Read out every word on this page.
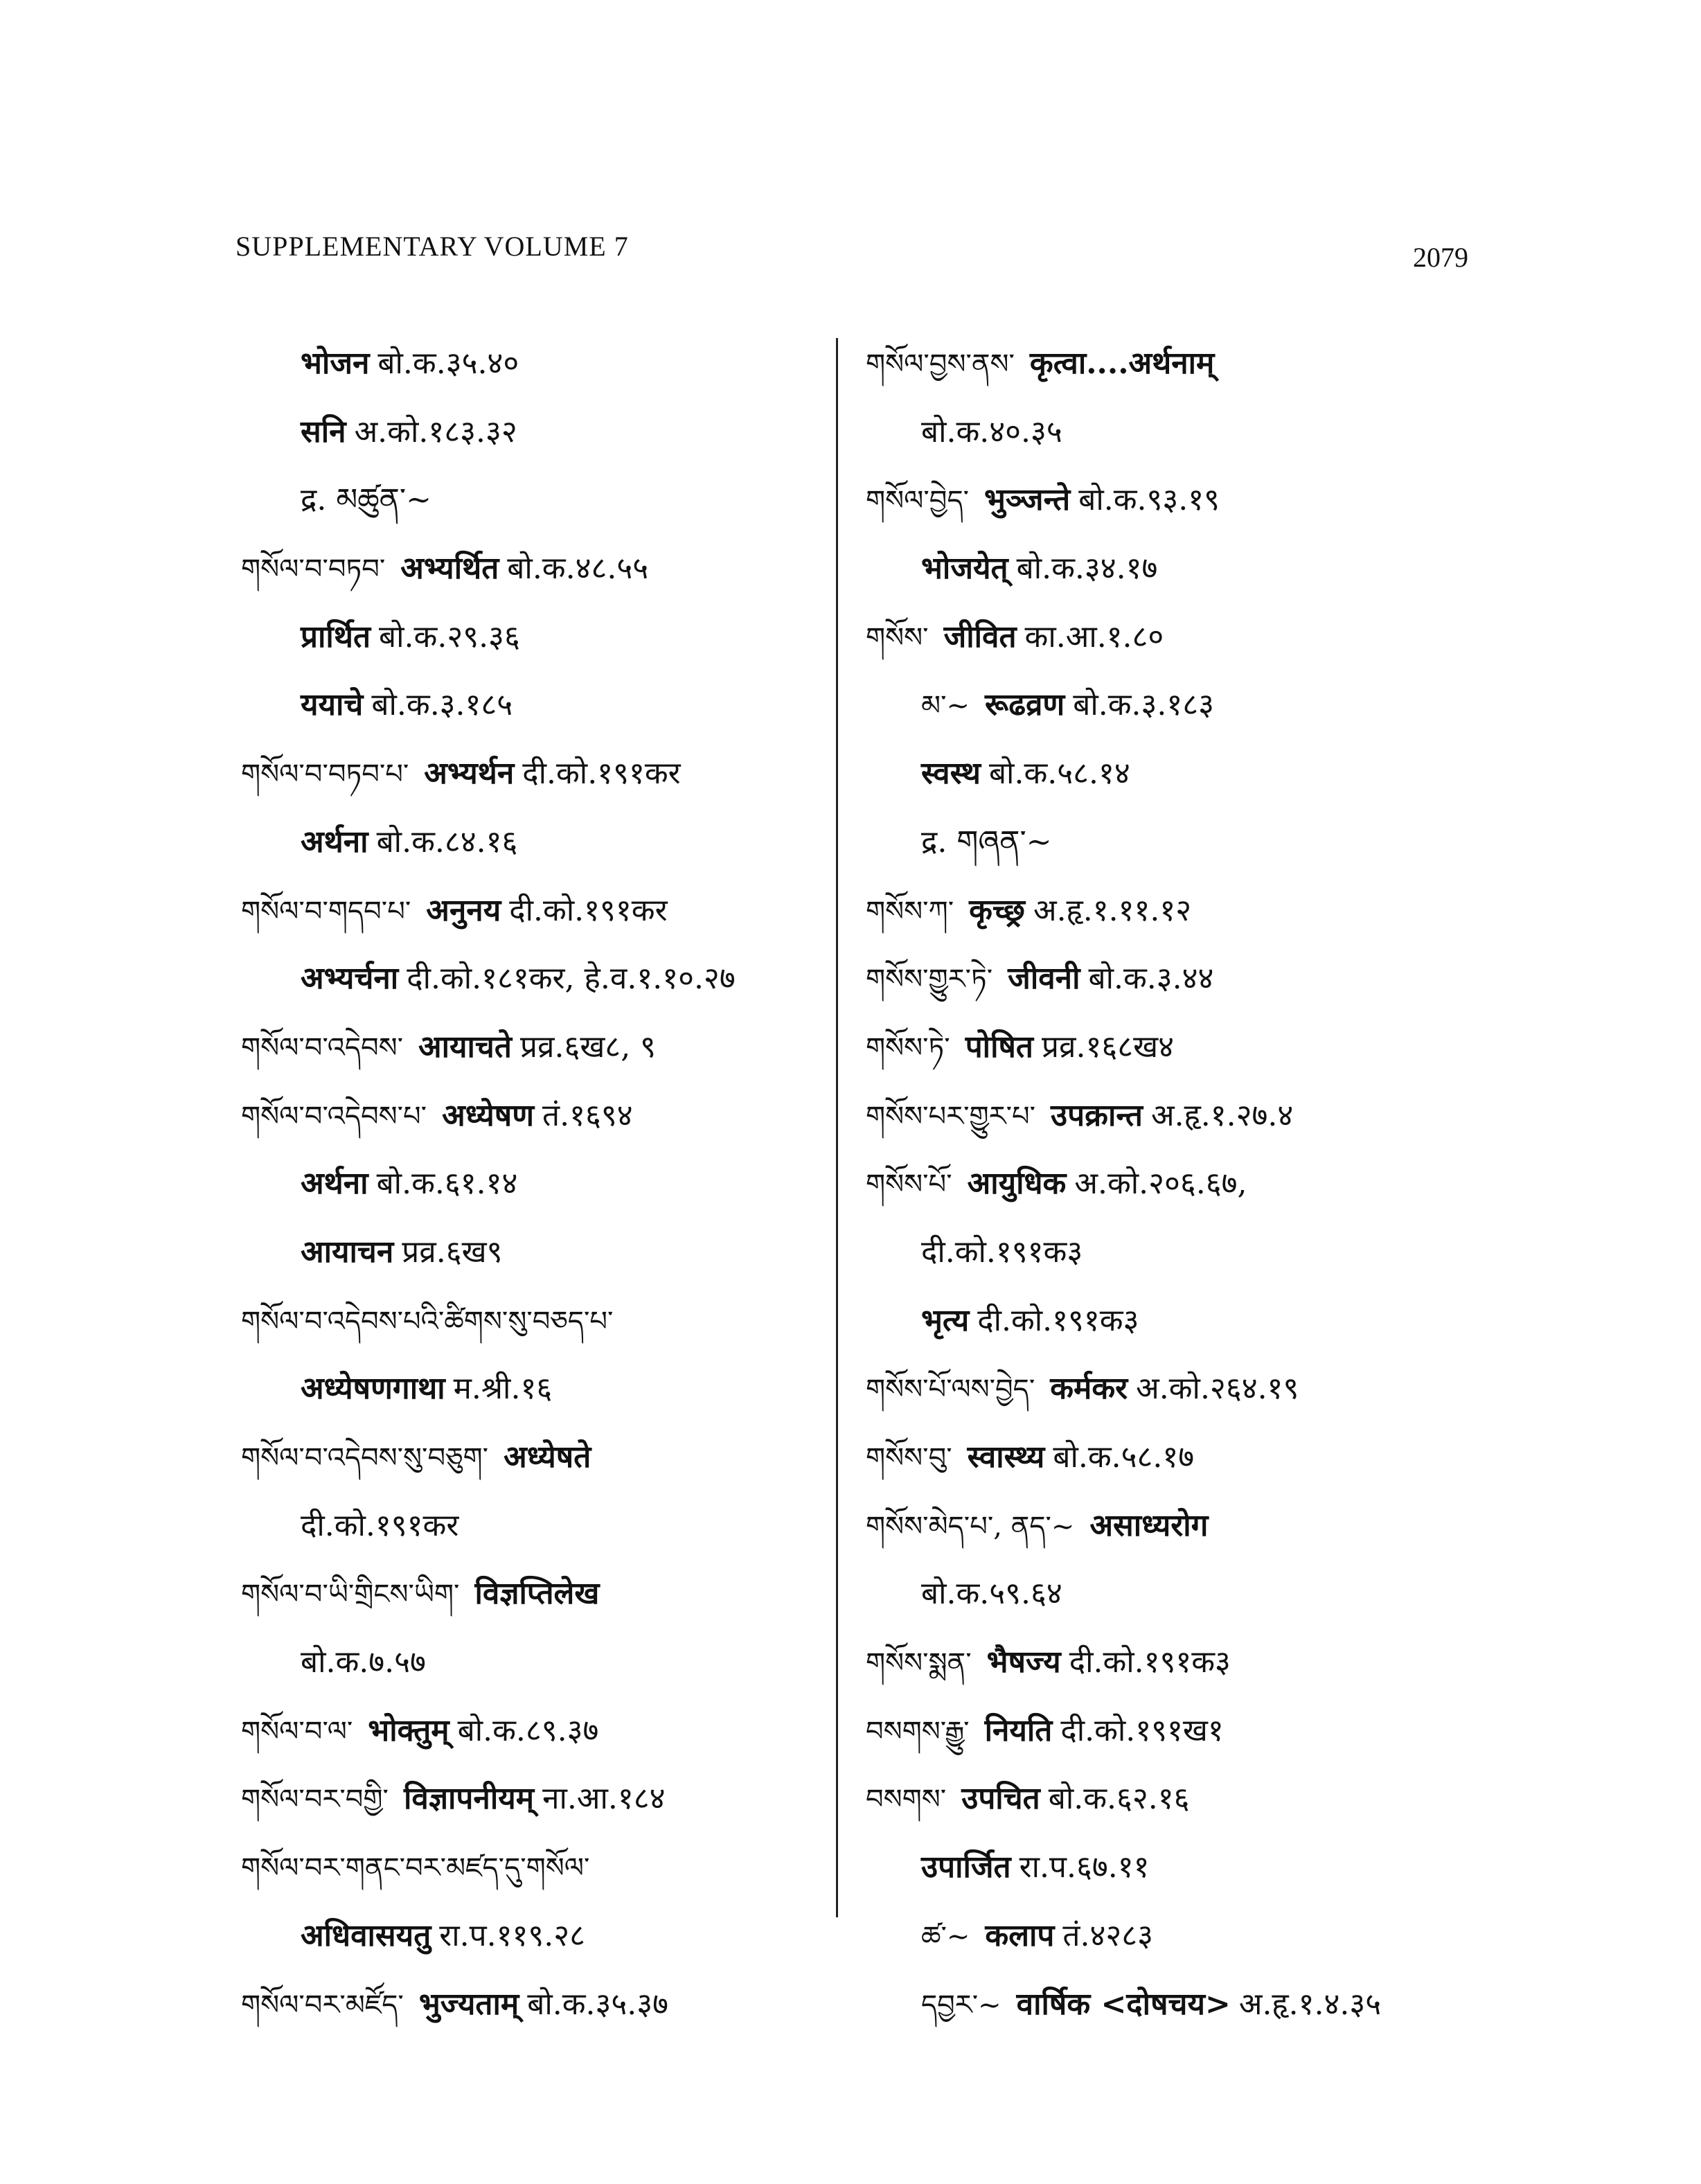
SUPPLEMENTARY VOLUME 7	2079
भोजन बो.क.३५.४०
सनि अ.को.१८३.३२
द्र. མཚུན་~
གསོལ་བ་བཏབ་ अभ्यर्थित बो.क.४८.५५
प्रार्थित बो.क.२९.३६
ययाचे बो.क.३.१८५
གསོལ་བ་བཏབ་པ་ अभ्यर्थन दी.को.१९१कर
अर्थना बो.क.८४.१६
གསོལ་བ་གདབ་པ་ अनुनय दी.को.१९१कर
अभ्यर्चना दी.को.१८१कर, हे.व.१.१०.२७
གསོལ་བ་འདེབས་ आयाचते प्रव्र.६ख८, ९
གསོལ་བ་འདེབས་པ་ अध्येषण तं.१६९४
अर्थना बो.क.६१.१४
आयाचन प्रव्र.६ख९
གསོལ་བ་འདེབས་པའི་ཚིགས་སུ་བཅད་པ་
अध्येषणगाथा म.श्री.१६
གསོལ་བ་འདེབས་སུ་བཅུག་ अध्येषते
दी.को.१९१कर
གསོལ་བ་ཡི་གྲིངས་ཡིག་ विज्ञप्तिलेख
बो.क.७.५७
གསོལ་བ་ལ་ भोक्तुम् बो.क.८९.३७
གསོལ་བར་བགྱི་ विज्ञापनीयम् ना.आ.१८४
གསོལ་བར་གནང་བར་མཛད་དུ་གསོལ་
अधिवासयतु रा.प.११९.२८
གསོལ་བར་མཛོད་ भुज्यताम् बो.क.३५.३७
གསོལ་བྱས་ནས་ कृत्वा....अर्थनाम्
बो.क.४०.३५
གསོལ་བྱེད་ भुञ्जन्ते बो.क.९३.१९
भोजयेत् बो.क.३४.१७
གསོས་ जीवित का.आ.१.८०
མ་~ रूढव्रण बो.क.३.१८३
स्वस्थ बो.क.५८.१४
द्र. གཞན་~
གསོས་ཀ་ कृच्छ्र अ.हृ.१.११.१२
གསོས་གྱུར་ཏེ་ जीवनी बो.क.३.४४
གསོས་ཏེ་ पोषित प्रव्र.१६८ख४
གསོས་པར་གྱུར་པ་ उपक्रान्त अ.हृ.१.२७.४
གསོས་པོ་ आयुधिक अ.को.२०६.६७,
दी.को.१९१क३
भृत्य दी.को.१९१क३
གསོས་པོ་ལས་བྱེད་ कर्मकर अ.को.२६४.१९
གསོས་བུ་ स्वास्थ्य बो.क.५८.१७
གསོས་མེད་པ་, ནད་~ असाध्यरोग
बो.क.५९.६४
གསོས་སྨན་ भैषज्य दी.को.१९१क३
བསགས་རྒྱུ་ नियति दी.को.१९१ख१
བསགས་ उपचित बो.क.६२.१६
उपार्जित रा.प.६७.११
ཚ་~ कलाप तं.४२८३
དབྱར་~ वार्षिक <दोषचय> अ.हृ.१.४.३५
